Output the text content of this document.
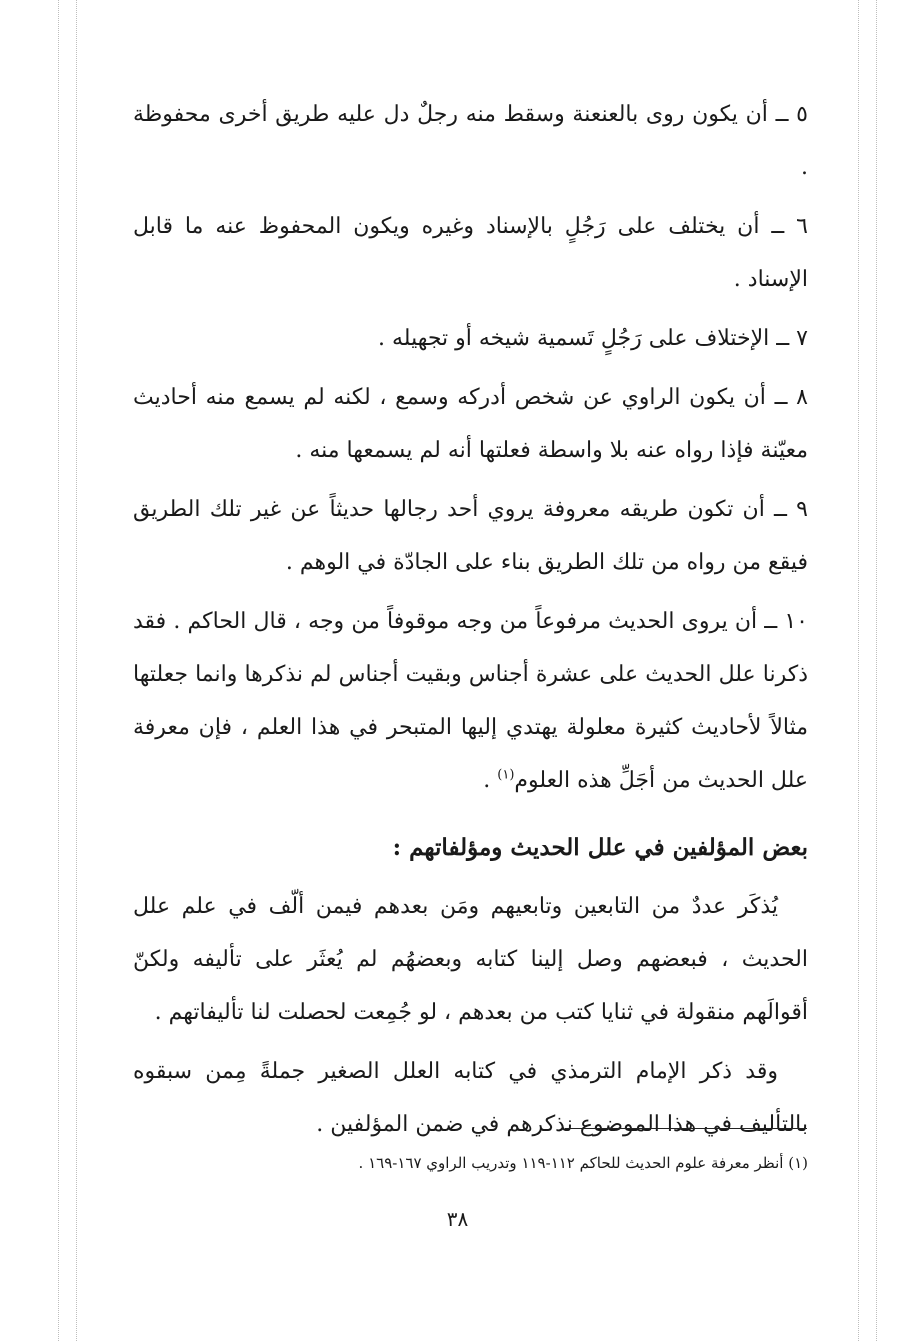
٥ ــ أن يكون روى بالعنعنة وسقط منه رجلٌ دل عليه طريق أخرى محفوظة .

٦ ــ أن يختلف على رَجُلٍ بالإسناد وغيره ويكون المحفوظ عنه ما قابل الإسناد .

٧ ــ الإختلاف على رَجُلٍ تَسمية شيخه أو تجهيله .

٨ ــ أن يكون الراوي عن شخص أدركه وسمع ، لكنه لم يسمع منه أحاديث معيّنة فإذا رواه عنه بلا واسطة فعلتها أنه لم يسمعها منه .

٩ ــ أن تكون طريقه معروفة يروي أحد رجالها حديثاً عن غير تلك الطريق فيقع من رواه من تلك الطريق بناء على الجادّة في الوهم .

١٠ ــ أن يروى الحديث مرفوعاً من وجه موقوفاً من وجه ، قال الحاكم . فقد ذكرنا علل الحديث على عشرة أجناس وبقيت أجناس لم نذكرها وانما جعلتها مثالاً لأحاديث كثيرة معلولة يهتدي إليها المتبحر في هذا العلم ، فإن معرفة علل الحديث من أجَلِّ هذه العلوم$^{(١)}$ .

بعض المؤلفين في علل الحديث ومؤلفاتهم :

يُذكَر عددٌ من التابعين وتابعيهم ومَن بعدهم فيمن ألّف في علم علل الحديث ، فبعضهم وصل إلينا كتابه وبعضهُم لم يُعثَر على تأليفه ولكنّ أقوالَهم منقولة في ثنايا كتب من بعدهم ، لو جُمِعت لحصلت لنا تأليفاتهم .

وقد ذكر الإمام الترمذي في كتابه العلل الصغير جملةً مِمن سبقوه بالتأليف في هذا الموضوع نذكرهم في ضمن المؤلفين .

(١) أنظر معرفة علوم الحديث للحاكم ١١٢-١١٩ وتدريب الراوي ١٦٧-١٦٩ .
٣٨
